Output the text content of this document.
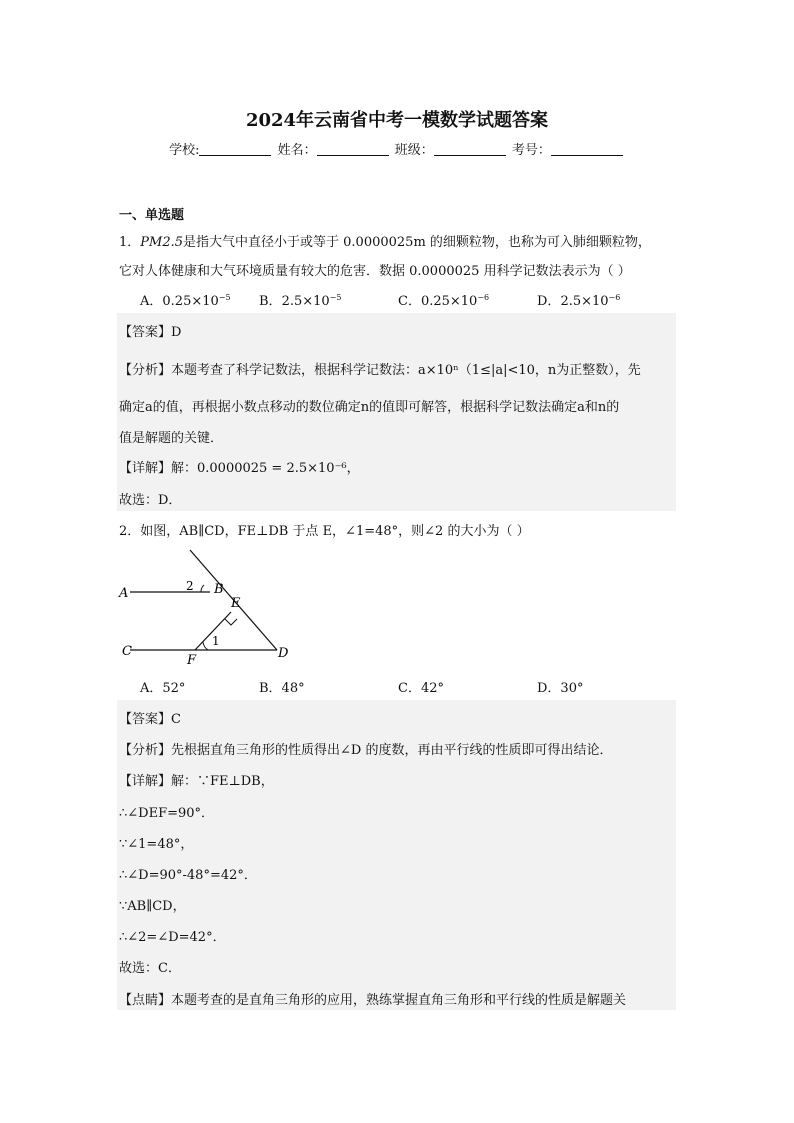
2024年云南省中考一模数学试题答案
学校:	姓名：	班级：	考号：
一、单选题
1．PM2.5是指大气中直径小于或等于 0.0000025m 的细颗粒物，也称为可入肺细颗粒物，
它对人体健康和大气环境质量有较大的危害．数据 0.0000025 用科学记数法表示为（ ）
A．$0.25\times 10^{-5}$ B．$2.5\times 10^{-5}$	C．$0.25\times 10^{-6}$	D．$2.5\times 10^{-6}$
【答案】D
【分析】本题考查了科学记数法，根据科学记数法：a×10ⁿ（1≤|a|<10，n为正整数），先
确定a的值，再根据小数点移动的数位确定n的值即可解答，根据科学记数法确定a和n的
值是解题的关键．
【详解】解：0.0000025 = 2.5×10⁻⁶，
故选：D．
2．如图，AB∥CD，FE⊥DB 于点 E，∠1=48°，则∠2 的大小为（ ）
A	B
C	D
E
F
1
2
A．52°	B．48°	C．42°	D．30°
【答案】C
【分析】先根据直角三角形的性质得出∠D 的度数，再由平行线的性质即可得出结论．
【详解】解：∵FE⊥DB，
∴∠DEF=90°．
∵∠1=48°，
∴∠D=90°-48°=42°．
∵AB∥CD，
∴∠2=∠D=42°．
故选：C．
【点睛】本题考查的是直角三角形的应用，熟练掌握直角三角形和平行线的性质是解题关
